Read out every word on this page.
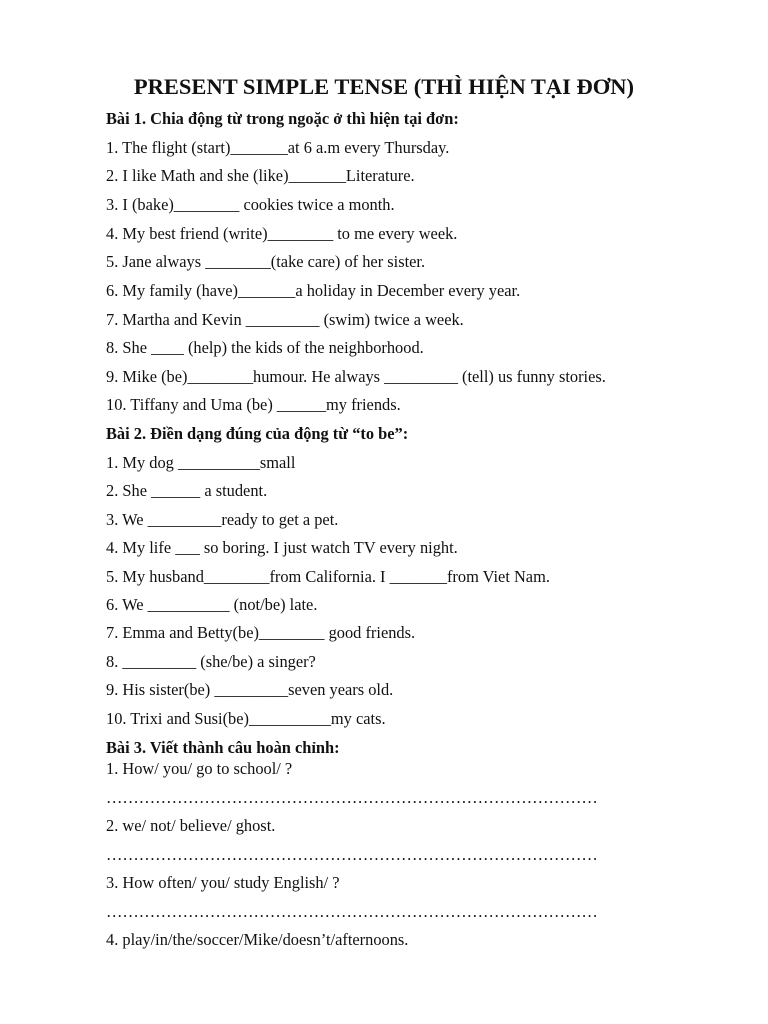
PRESENT SIMPLE TENSE (THÌ HIỆN TẠI ĐƠN)
Bài 1. Chia động từ trong ngoặc ở thì hiện tại đơn:
1. The flight (start)_______at 6 a.m every Thursday.
2. I like Math and she (like)_______Literature.
3. I (bake)________ cookies twice a month.
4. My best friend (write)________ to me every week.
5. Jane always ________(take care) of her sister.
6. My family (have)_______a holiday in December every year.
7. Martha and Kevin _________ (swim) twice a week.
8. She ____ (help) the kids of the neighborhood.
9. Mike (be)________humour. He always _________ (tell) us funny stories.
10. Tiffany and Uma (be) ______my friends.
Bài 2. Điền dạng đúng của động từ “to be”:
1. My dog __________small
2. She ______ a student.
3. We _________ready to get a pet.
4. My life ___ so boring. I just watch TV every night.
5. My husband________from California. I _______from Viet Nam.
6. We __________ (not/be) late.
7. Emma and Betty(be)________ good friends.
8. _________ (she/be) a singer?
9. His sister(be) _________seven years old.
10. Trixi and Susi(be)__________my cats.
Bài 3. Viết thành câu hoàn chỉnh:
1. How/ you/ go to school/ ?
………………………………………………………………………………
2. we/ not/ believe/ ghost.
………………………………………………………………………………
3. How often/ you/ study English/ ?
………………………………………………………………………………
4. play/in/the/soccer/Mike/doesn’t/afternoons.
